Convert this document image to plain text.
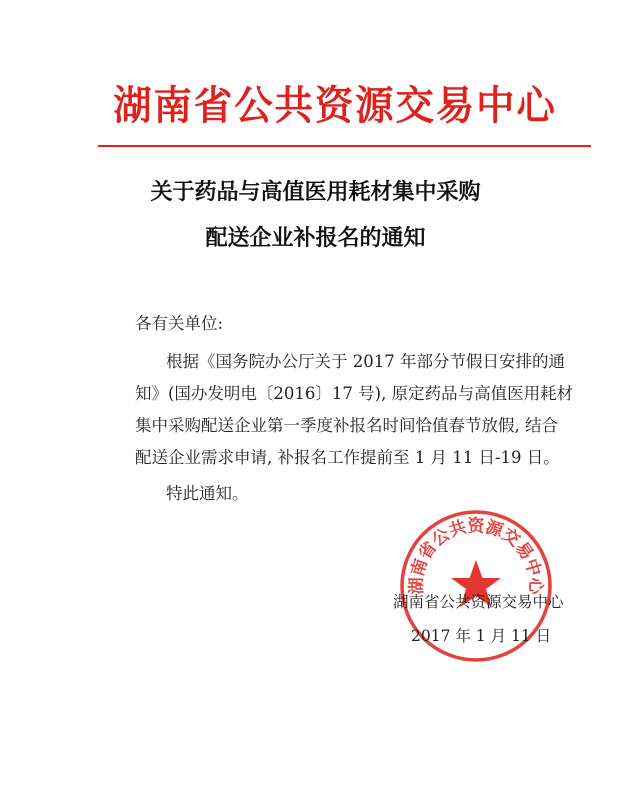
湖南省公共资源交易中心
关于药品与高值医用耗材集中采购
配送企业补报名的通知
各有关单位:
根据《国务院办公厅关于 2017 年部分节假日安排的通
知》(国办发明电〔2016〕17 号), 原定药品与高值医用耗材
集中采购配送企业第一季度补报名时间恰值春节放假, 结合
配送企业需求申请, 补报名工作提前至 1 月 11 日-19 日。
特此通知。
湖南省公共资源交易中心
湖南省公共资源交易中心
2017 年 1 月 11 日
